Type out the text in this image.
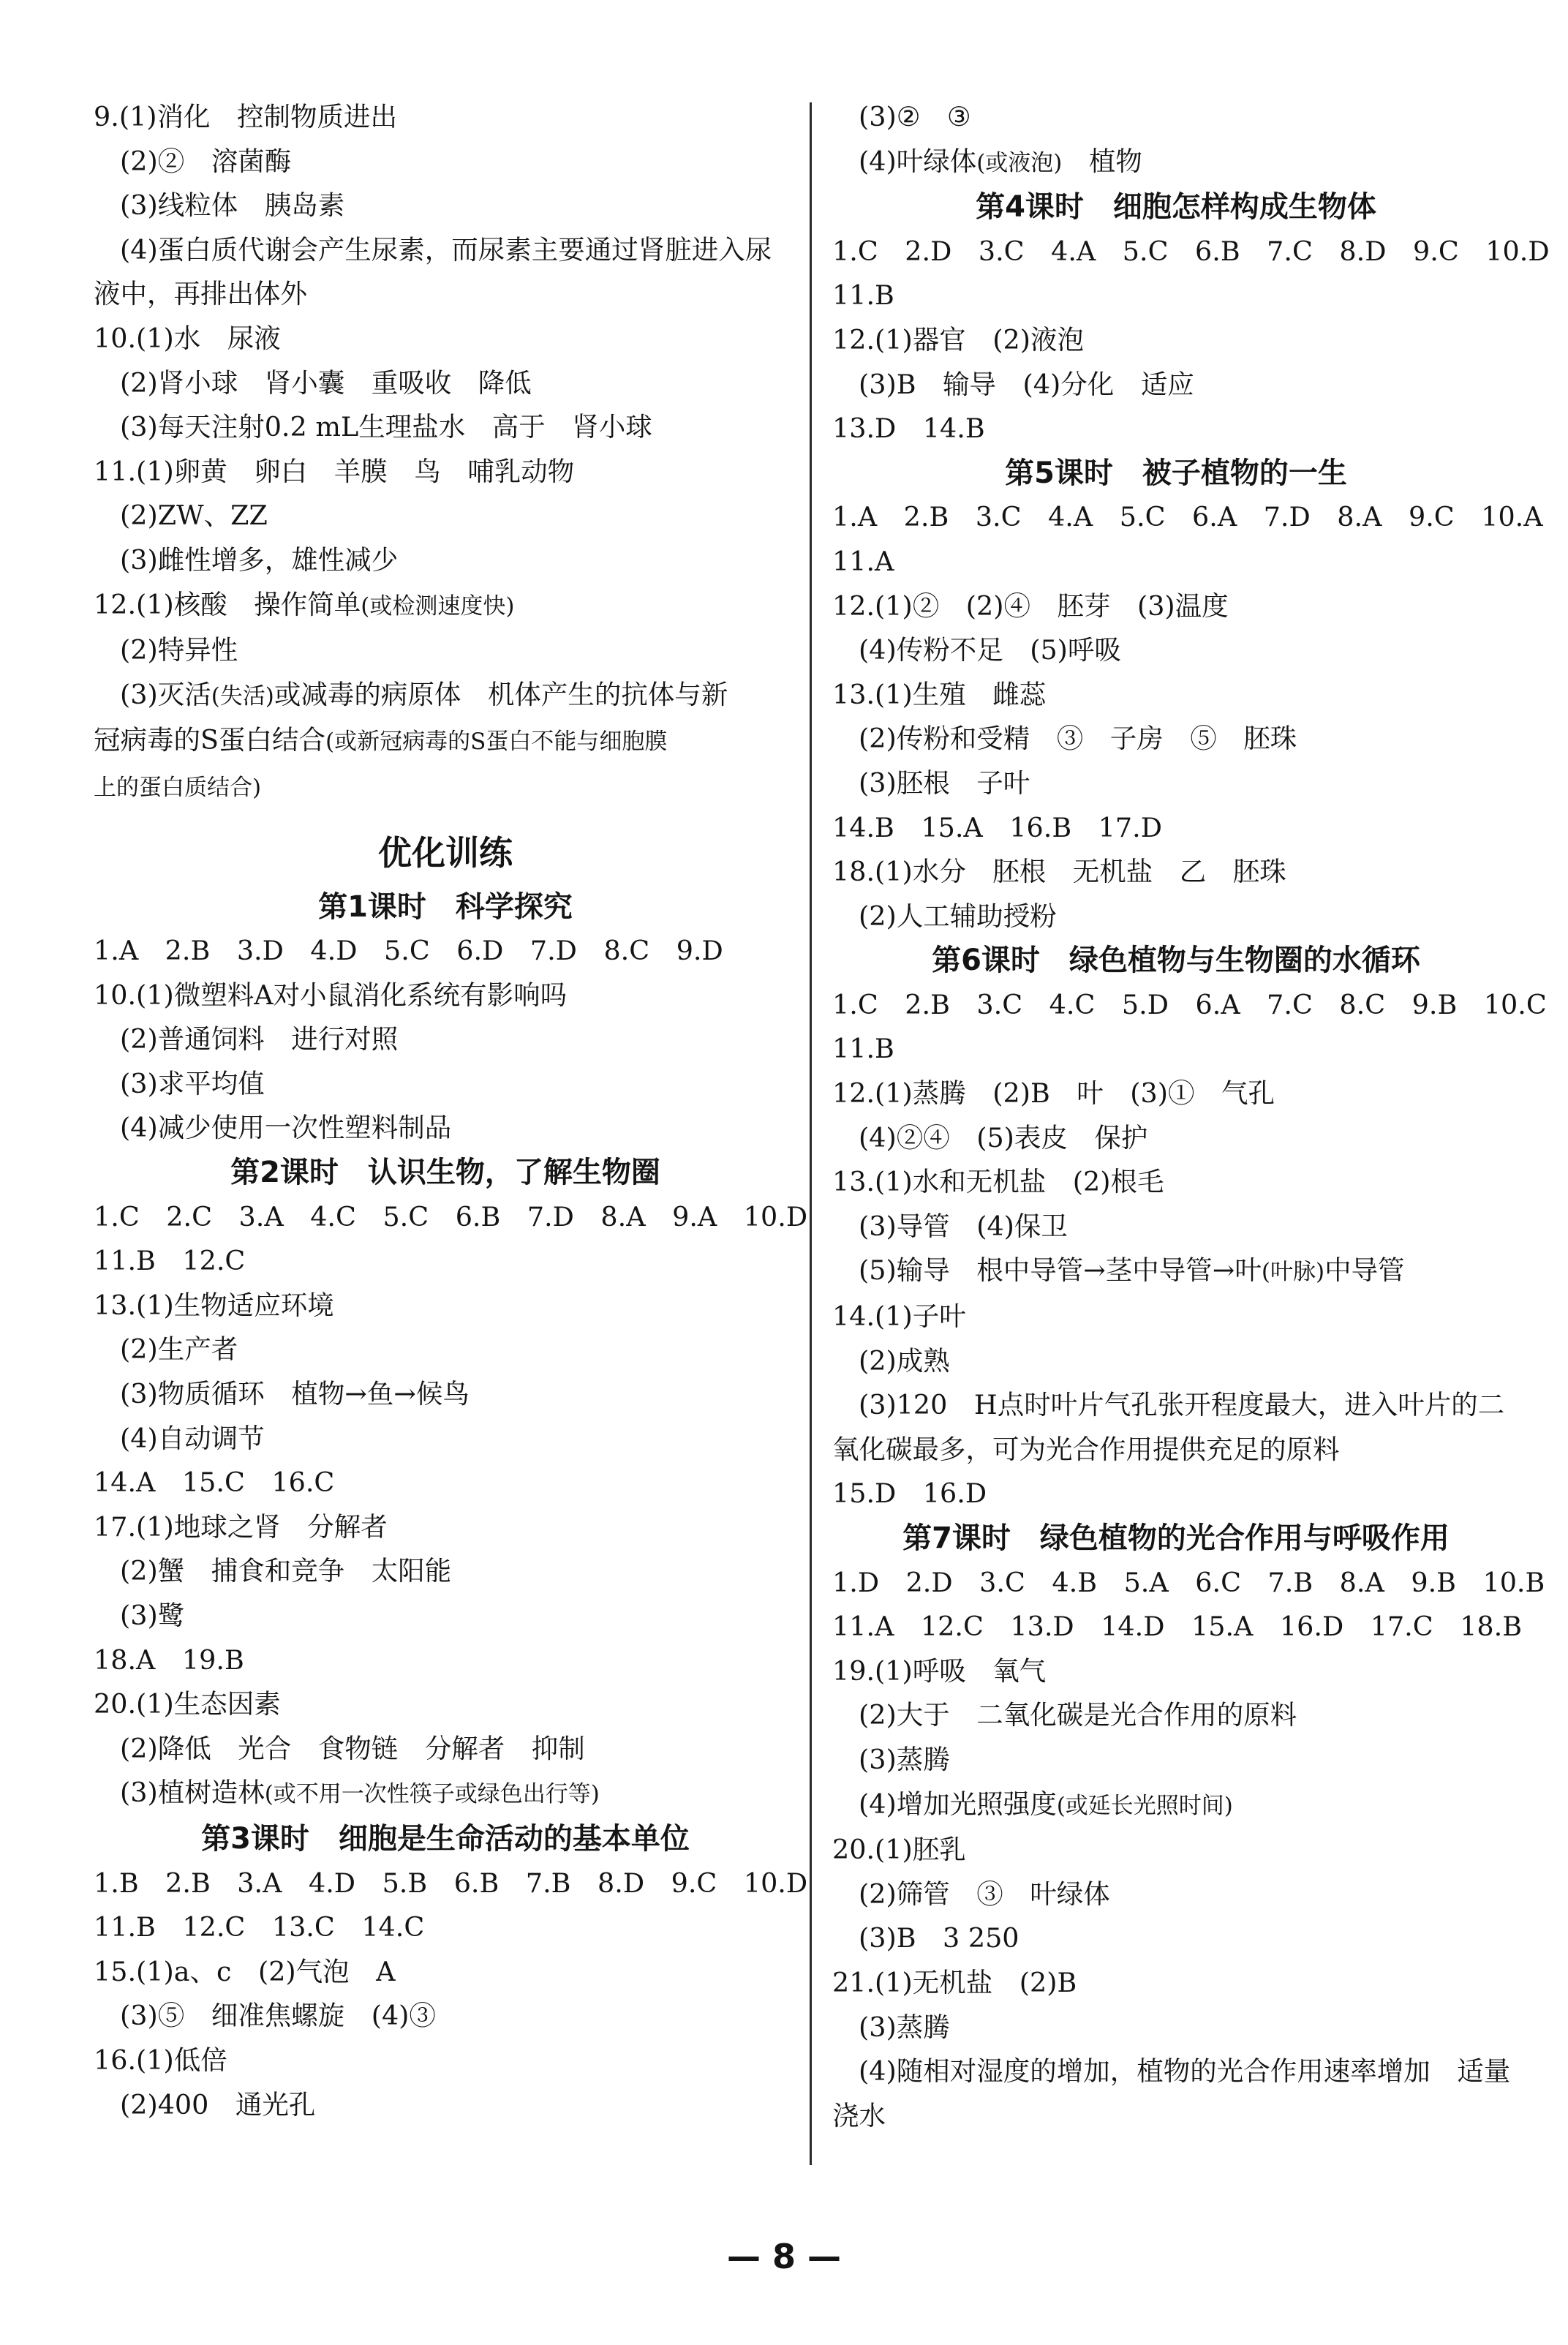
9.(1)消化　控制物质进出
(2)②　溶菌酶
(3)线粒体　胰岛素
(4)蛋白质代谢会产生尿素，而尿素主要通过肾脏进入尿
液中，再排出体外
10.(1)水　尿液
(2)肾小球　肾小囊　重吸收　降低
(3)每天注射0.2 mL生理盐水　高于　肾小球
11.(1)卵黄　卵白　羊膜　鸟　哺乳动物
(2)ZW、ZZ
(3)雌性增多，雄性减少
12.(1)核酸　操作简单(或检测速度快)
(2)特异性
(3)灭活(失活)或减毒的病原体　机体产生的抗体与新
冠病毒的S蛋白结合(或新冠病毒的S蛋白不能与细胞膜
上的蛋白质结合)
优化训练
第1课时　科学探究
1.A　2.B　3.D　4.D　5.C　6.D　7.D　8.C　9.D
10.(1)微塑料A对小鼠消化系统有影响吗
(2)普通饲料　进行对照
(3)求平均值
(4)减少使用一次性塑料制品
第2课时　认识生物，了解生物圈
1.C　2.C　3.A　4.C　5.C　6.B　7.D　8.A　9.A　10.D
11.B　12.C
13.(1)生物适应环境
(2)生产者
(3)物质循环　植物→鱼→候鸟
(4)自动调节
14.A　15.C　16.C
17.(1)地球之肾　分解者
(2)蟹　捕食和竞争　太阳能
(3)鹭
18.A　19.B
20.(1)生态因素
(2)降低　光合　食物链　分解者　抑制
(3)植树造林(或不用一次性筷子或绿色出行等)
第3课时　细胞是生命活动的基本单位
1.B　2.B　3.A　4.D　5.B　6.B　7.B　8.D　9.C　10.D
11.B　12.C　13.C　14.C
15.(1)a、c　(2)气泡　A
(3)⑤　细准焦螺旋　(4)③
16.(1)低倍
(2)400　通光孔
(3)②　③
(4)叶绿体(或液泡)　植物
第4课时　细胞怎样构成生物体
1.C　2.D　3.C　4.A　5.C　6.B　7.C　8.D　9.C　10.D
11.B
12.(1)器官　(2)液泡
(3)B　输导　(4)分化　适应
13.D　14.B
第5课时　被子植物的一生
1.A　2.B　3.C　4.A　5.C　6.A　7.D　8.A　9.C　10.A
11.A
12.(1)②　(2)④　胚芽　(3)温度
(4)传粉不足　(5)呼吸
13.(1)生殖　雌蕊
(2)传粉和受精　③　子房　⑤　胚珠
(3)胚根　子叶
14.B　15.A　16.B　17.D
18.(1)水分　胚根　无机盐　乙　胚珠
(2)人工辅助授粉
第6课时　绿色植物与生物圈的水循环
1.C　2.B　3.C　4.C　5.D　6.A　7.C　8.C　9.B　10.C
11.B
12.(1)蒸腾　(2)B　叶　(3)①　气孔
(4)②④　(5)表皮　保护
13.(1)水和无机盐　(2)根毛
(3)导管　(4)保卫
(5)输导　根中导管→茎中导管→叶(叶脉)中导管
14.(1)子叶
(2)成熟
(3)120　H点时叶片气孔张开程度最大，进入叶片的二
氧化碳最多，可为光合作用提供充足的原料
15.D　16.D
第7课时　绿色植物的光合作用与呼吸作用
1.D　2.D　3.C　4.B　5.A　6.C　7.B　8.A　9.B　10.B
11.A　12.C　13.D　14.D　15.A　16.D　17.C　18.B
19.(1)呼吸　氧气
(2)大于　二氧化碳是光合作用的原料
(3)蒸腾
(4)增加光照强度(或延长光照时间)
20.(1)胚乳
(2)筛管　③　叶绿体
(3)B　3 250
21.(1)无机盐　(2)B
(3)蒸腾
(4)随相对湿度的增加，植物的光合作用速率增加　适量
浇水
— 8 —
